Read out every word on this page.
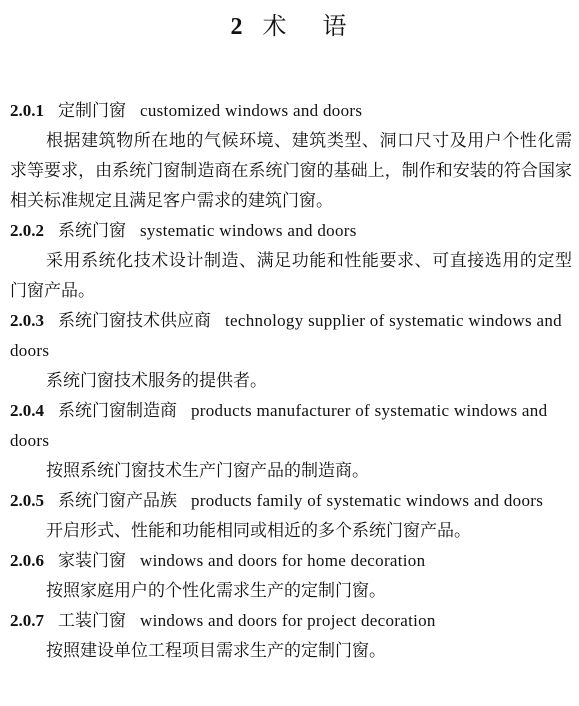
2 术 语
2.0.1 定制门窗 customized windows and doors

根据建筑物所在地的气候环境、建筑类型、洞口尺寸及用户个性化需求等要求，由系统门窗制造商在系统门窗的基础上，制作和安装的符合国家相关标准规定且满足客户需求的建筑门窗。

2.0.2 系统门窗 systematic windows and doors

采用系统化技术设计制造、满足功能和性能要求、可直接选用的定型门窗产品。

2.0.3 系统门窗技术供应商 technology supplier of systematic windows and doors

系统门窗技术服务的提供者。

2.0.4 系统门窗制造商 products manufacturer of systematic windows and doors

按照系统门窗技术生产门窗产品的制造商。

2.0.5 系统门窗产品族 products family of systematic windows and doors

开启形式、性能和功能相同或相近的多个系统门窗产品。

2.0.6 家装门窗 windows and doors for home decoration

按照家庭用户的个性化需求生产的定制门窗。

2.0.7 工装门窗 windows and doors for project decoration

按照建设单位工程项目需求生产的定制门窗。
